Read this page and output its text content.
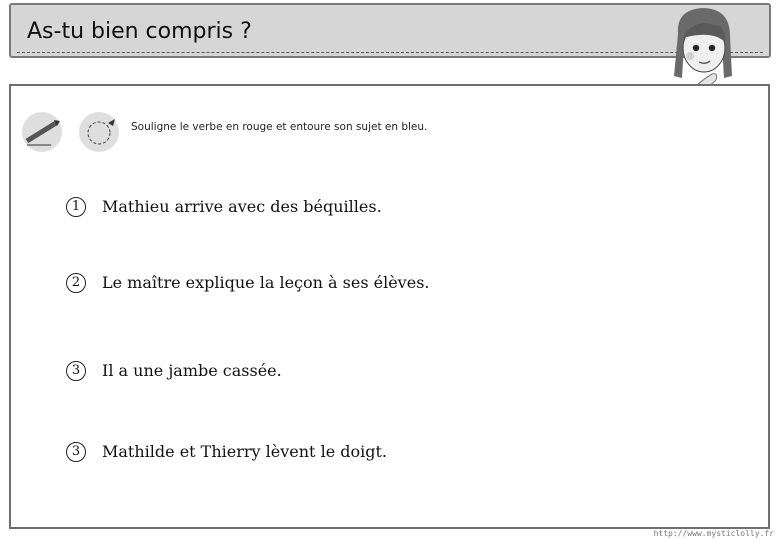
As-tu bien compris ?
Souligne le verbe en rouge et entoure son sujet en bleu.
1	Mathieu arrive avec des béquilles.
2	Le maître explique la leçon à ses élèves.
3	Il a une jambe cassée.
3	Mathilde et Thierry lèvent le doigt.
http://www.mysticlolly.fr
